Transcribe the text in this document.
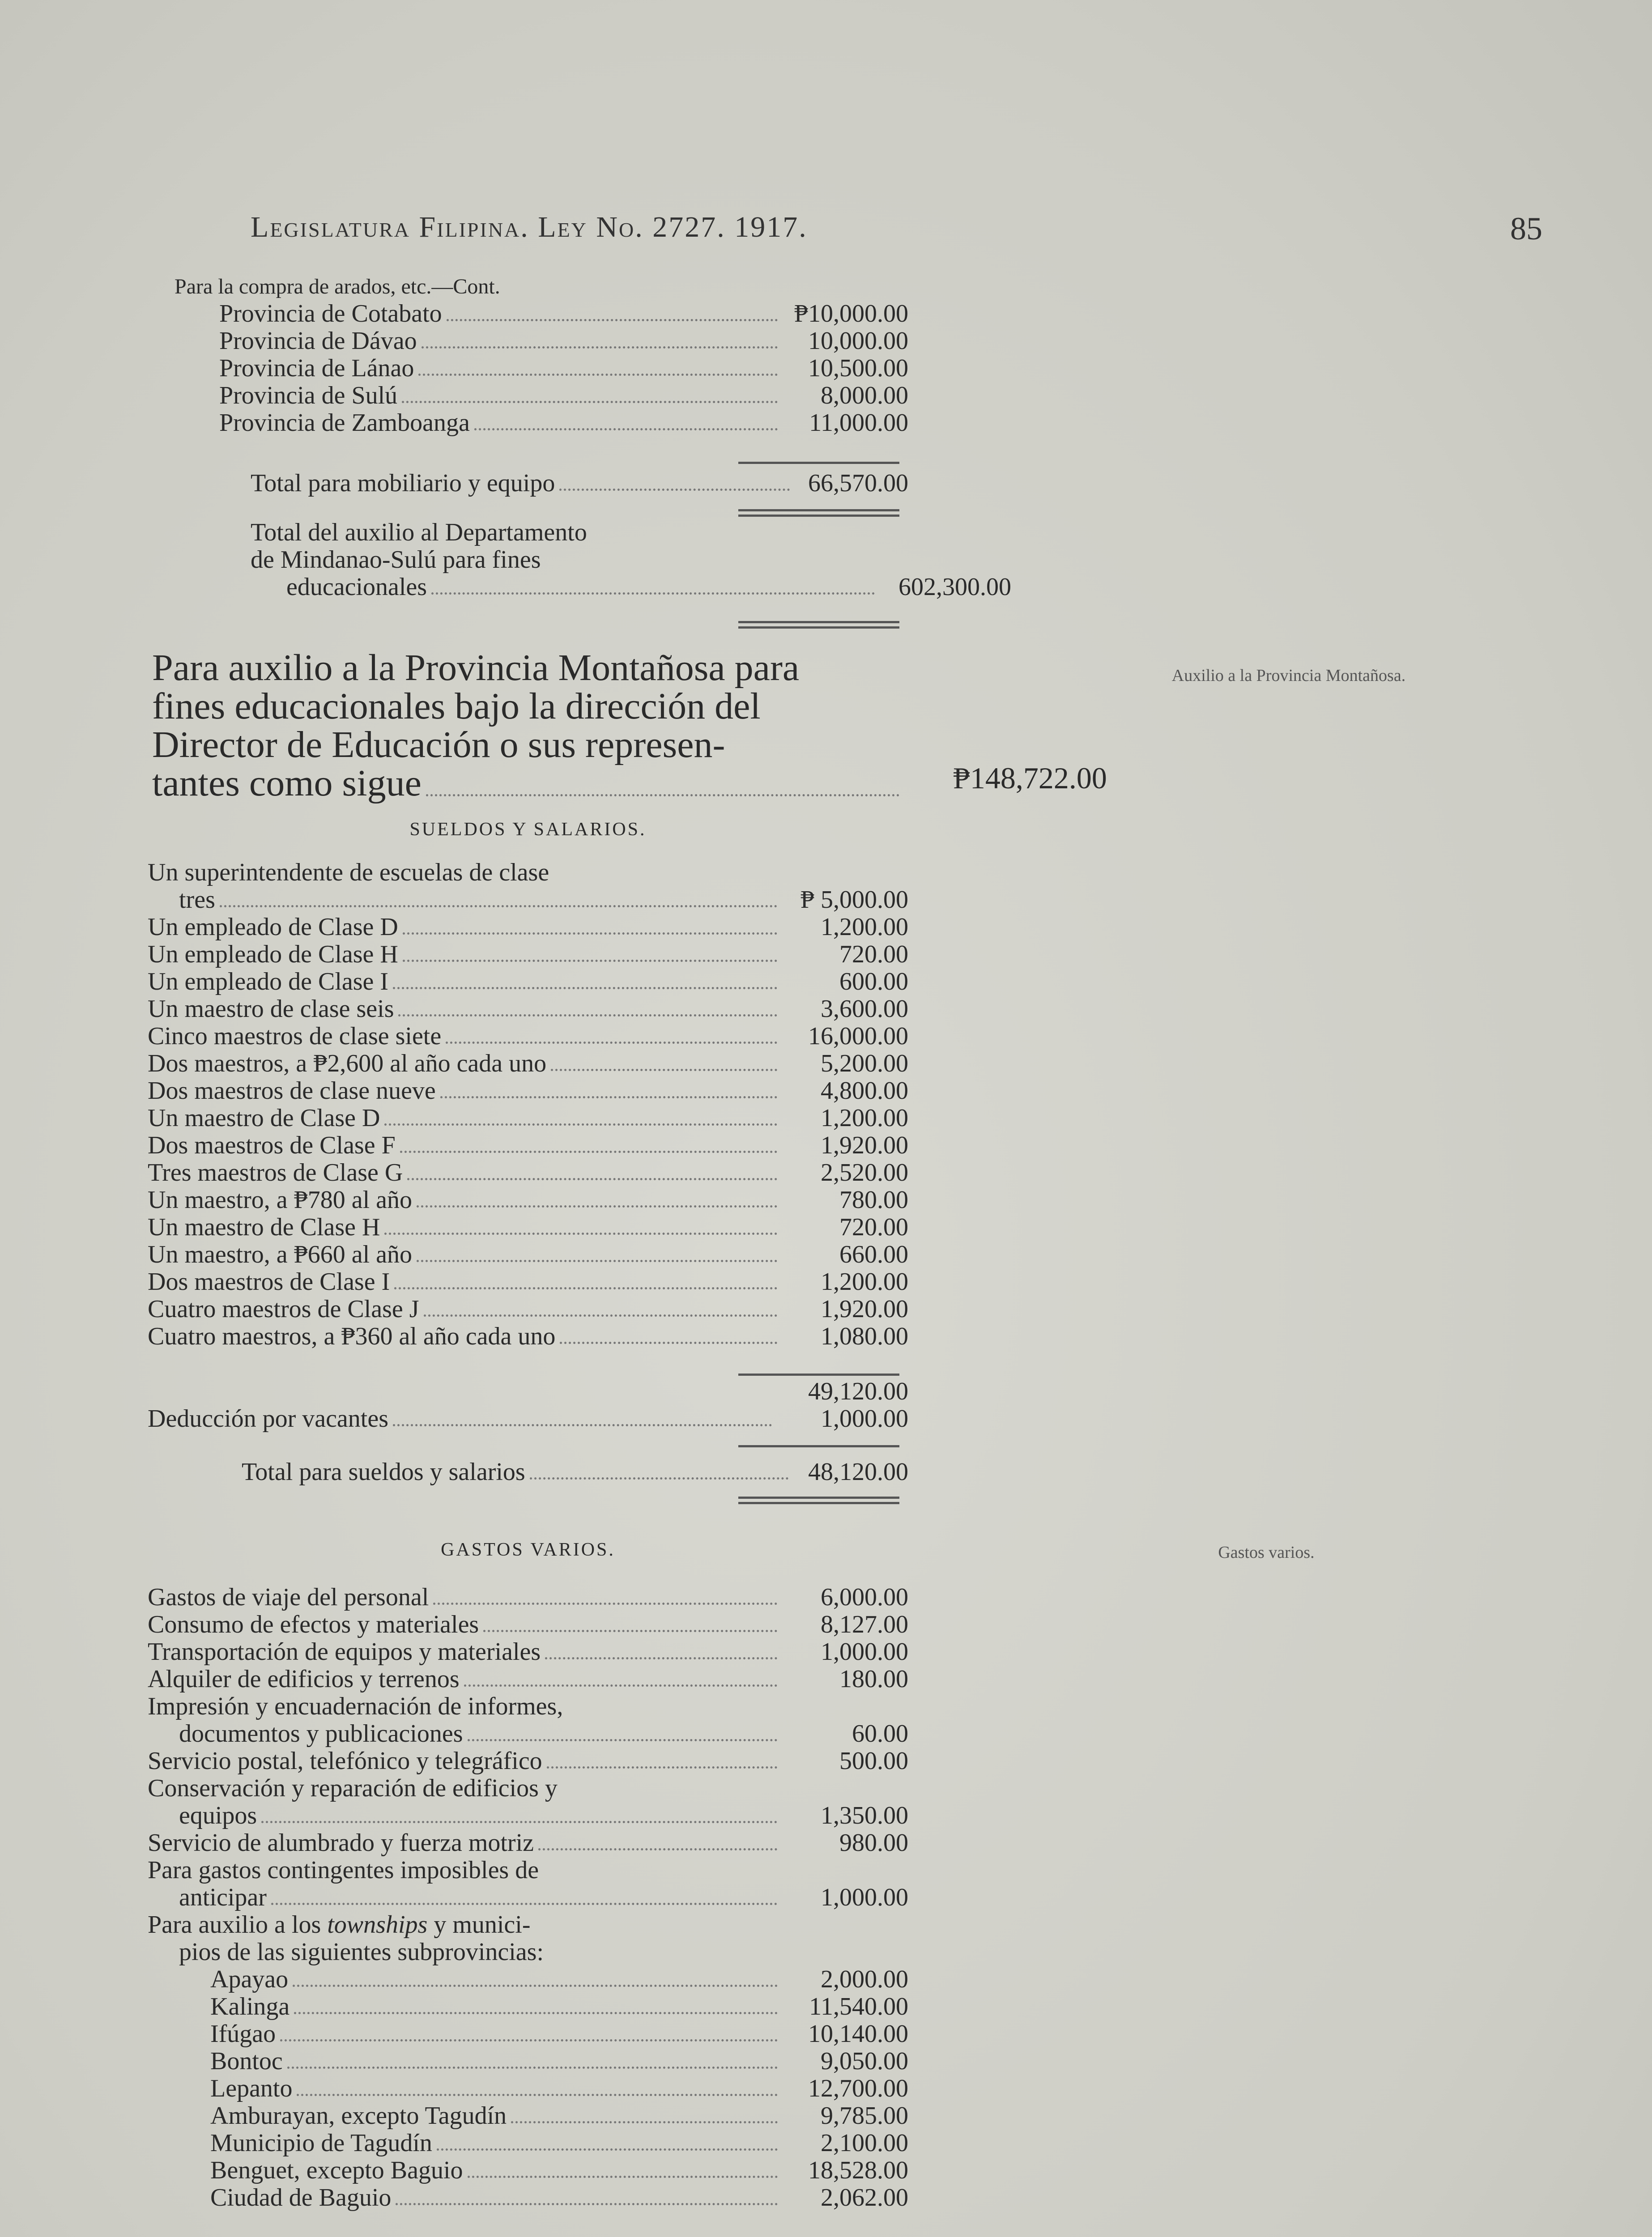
Legislatura Filipina. Ley No. 2727. 1917.	85
Para la compra de arados, etc.—Cont.
Provincia de Cotabato	₱10,000.00
Provincia de Dávao	10,000.00
Provincia de Lánao	10,500.00
Provincia de Sulú	8,000.00
Provincia de Zamboanga	11,000.00
Total para mobiliario y equipo	66,570.00
Total del auxilio al Departamento
de Mindanao-Sulú para fines
educacionales	602,300.00
Para auxilio a la Provincia Montañosa para
fines educacionales bajo la dirección del
Director de Educación o sus represen-
tantes como sigue	₱148,722.00
Auxilio a la Provincia Montañosa.
SUELDOS Y SALARIOS.
Un superintendente de escuelas de clase
tres	₱ 5,000.00
Un empleado de Clase D	1,200.00
Un empleado de Clase H	720.00
Un empleado de Clase I	600.00
Un maestro de clase seis	3,600.00
Cinco maestros de clase siete	16,000.00
Dos maestros, a ₱2,600 al año cada uno	5,200.00
Dos maestros de clase nueve	4,800.00
Un maestro de Clase D	1,200.00
Dos maestros de Clase F	1,920.00
Tres maestros de Clase G	2,520.00
Un maestro, a ₱780 al año	780.00
Un maestro de Clase H	720.00
Un maestro, a ₱660 al año	660.00
Dos maestros de Clase I	1,200.00
Cuatro maestros de Clase J	1,920.00
Cuatro maestros, a ₱360 al año cada uno	1,080.00
49,120.00
Deducción por vacantes	1,000.00
Total para sueldos y salarios	48,120.00
GASTOS VARIOS.	Gastos varios.
Gastos de viaje del personal	6,000.00
Consumo de efectos y materiales	8,127.00
Transportación de equipos y materiales	1,000.00
Alquiler de edificios y terrenos	180.00
Impresión y encuadernación de informes,
documentos y publicaciones	60.00
Servicio postal, telefónico y telegráfico	500.00
Conservación y reparación de edificios y
equipos	1,350.00
Servicio de alumbrado y fuerza motriz	980.00
Para gastos contingentes imposibles de
anticipar	1,000.00
Para auxilio a los townships y munici-
pios de las siguientes subprovincias:
Apayao	2,000.00
Kalinga	11,540.00
Ifúgao	10,140.00
Bontoc	9,050.00
Lepanto	12,700.00
Amburayan, excepto Tagudín	9,785.00
Municipio de Tagudín	2,100.00
Benguet, excepto Baguio	18,528.00
Ciudad de Baguio	2,062.00
